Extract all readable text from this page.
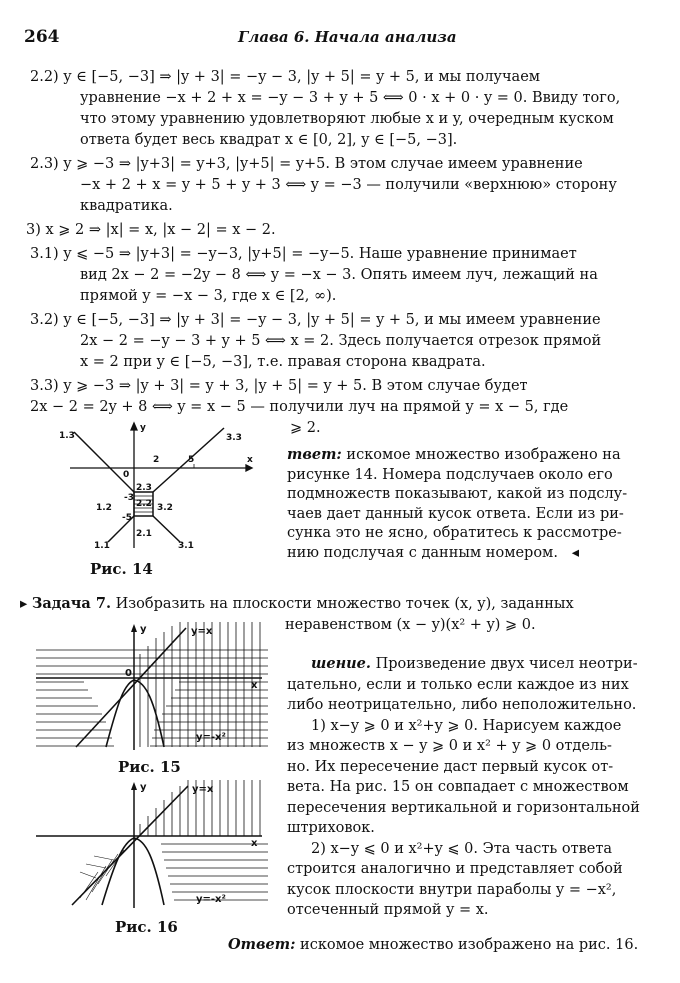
264	Глава 6. Начала анализа
2.2) y ∈ [−5, −3] ⇒ |y + 3| = −y − 3, |y + 5| = y + 5, и мы получаем
уравнение −x + 2 + x = −y − 3 + y + 5 ⟺ 0 · x + 0 · y = 0. Ввиду того,
что этому уравнению удовлетворяют любые x и y, очередным куском
ответа будет весь квадрат x ∈ [0, 2], y ∈ [−5, −3].
2.3) y ⩾ −3 ⇒ |y+3| = y+3, |y+5| = y+5. В этом случае имеем уравнение
−x + 2 + x = y + 5 + y + 3 ⟺ y = −3 — получили «верхнюю» сторону
квадратика.
3) x ⩾ 2 ⇒ |x| = x, |x − 2| = x − 2.
3.1) y ⩽ −5 ⇒ |y+3| = −y−3, |y+5| = −y−5. Наше уравнение принимает
вид 2x − 2 = −2y − 8 ⟺ y = −x − 3. Опять имеем луч, лежащий на
прямой y = −x − 3, где x ∈ [2, ∞).
3.2) y ∈ [−5, −3] ⇒ |y + 3| = −y − 3, |y + 5| = y + 5, и мы имеем уравнение
2x − 2 = −y − 3 + y + 5 ⟺ x = 2. Здесь получается отрезок прямой
x = 2 при y ∈ [−5, −3], т.е. правая сторона квадрата.
3.3) y ⩾ −3 ⇒ |y + 3| = y + 3, |y + 5| = y + 5. В этом случае будет
2x − 2 = 2y + 8 ⟺ y = x − 5 — получили луч на прямой y = x − 5, где
⩾ 2.
1.3	3.3
y
x
0
2	5
2.3
-3
2.2
1.2	3.2
-5
1.1
2.1
3.1
Рис. 14

твет: искомое множество изображено на

рисунке 14. Номера подслучаев около его

подмножеств показывают, какой из подслу-

чаев дает данный кусок ответа. Если из ри-

сунка это не ясно, обратитесь к рассмотре-

нию подслучая с данным номером. ◂

▸ Задача 7. Изобразить на плоскости множество точек (x, y), заданных
неравенством (x − y)(x² + y) ⩾ 0.
y
x
0
y=x
y=-x²
Рис. 15
y
x
y=x
y=-x²
Рис. 16

шение. Произведение двух чисел неотри-

цательно, если и только если каждое из них

либо неотрицательно, либо неположительно.

1) x−y ⩾ 0 и x²+y ⩾ 0. Нарисуем каждое

из множеств x − y ⩾ 0 и x² + y ⩾ 0 отдель-

но. Их пересечение даст первый кусок от-

вета. На рис. 15 он совпадает с множеством

пересечения вертикальной и горизонтальной

штриховок.

2) x−y ⩽ 0 и x²+y ⩽ 0. Эта часть ответа

строится аналогично и представляет собой

кусок плоскости внутри параболы y = −x²,

отсеченный прямой y = x.

Ответ: искомое множество изображено на рис. 16.
